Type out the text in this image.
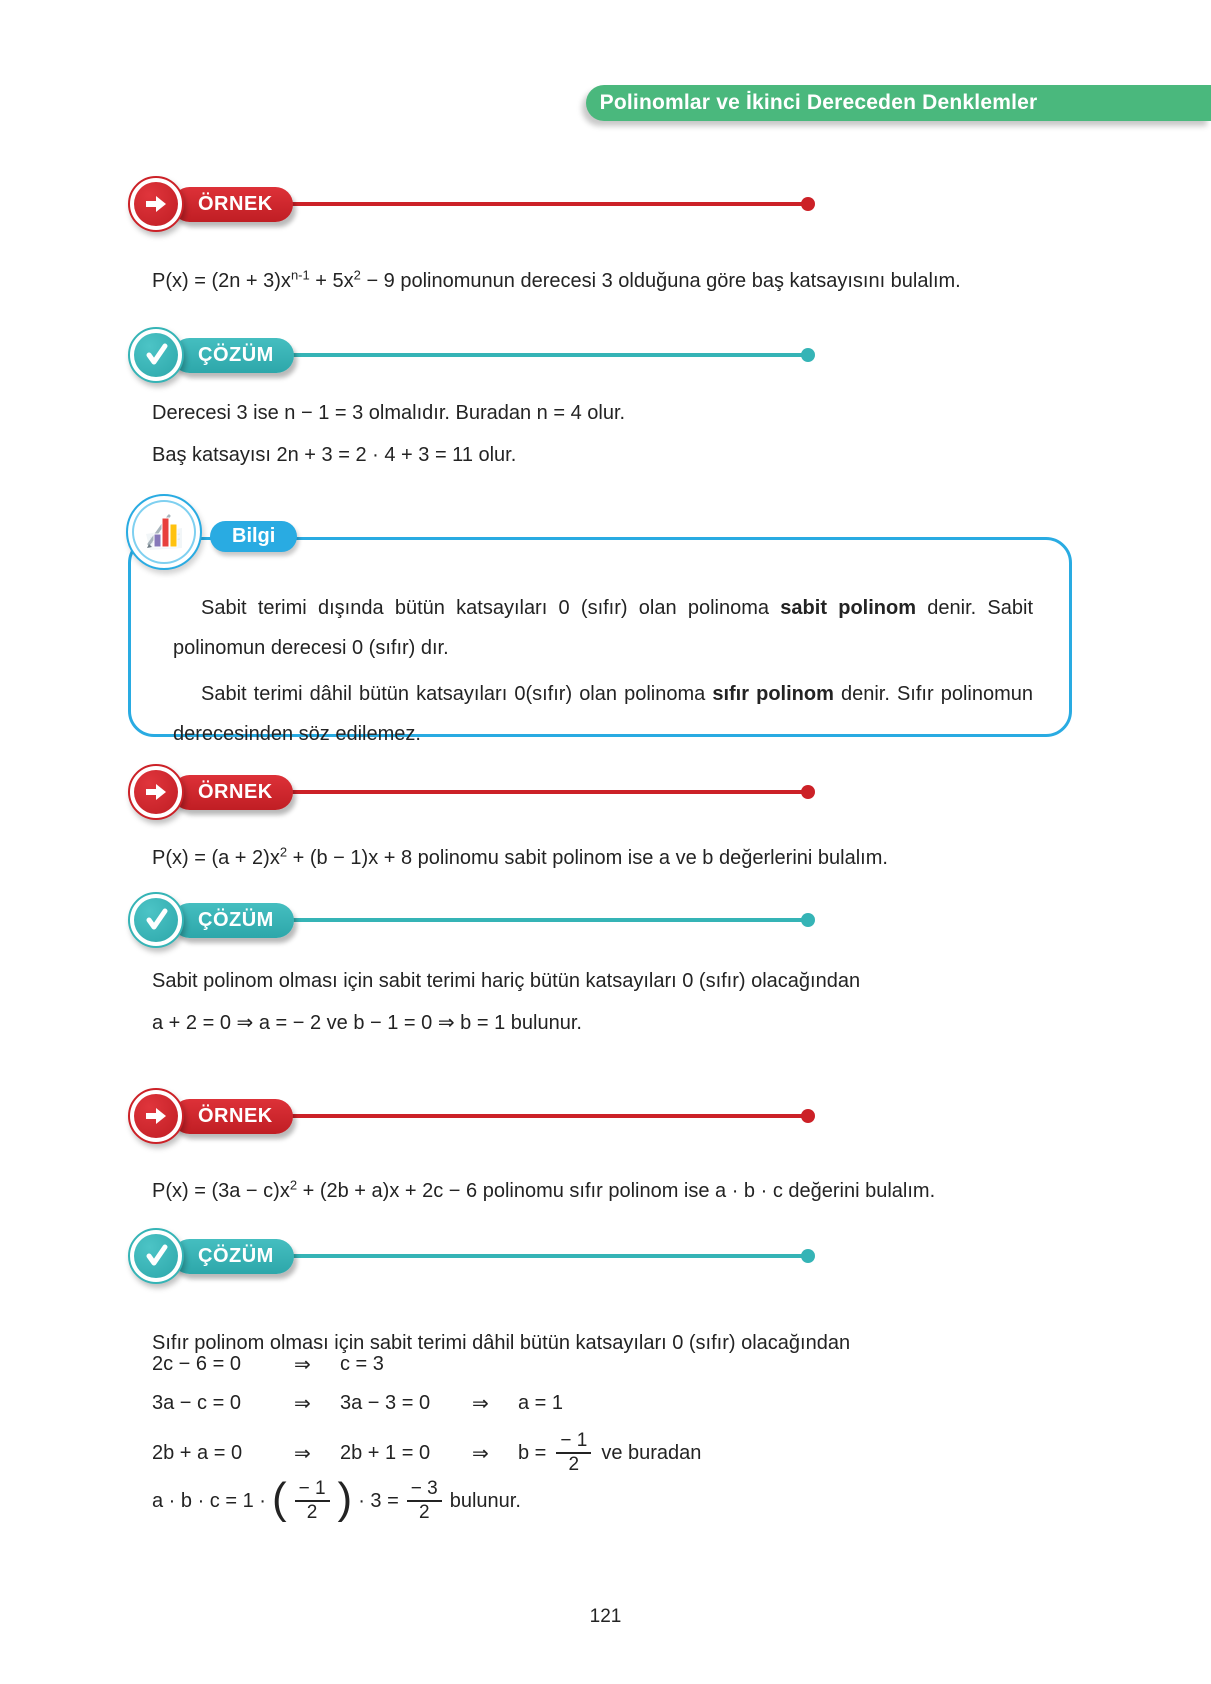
Polinomlar ve İkinci Dereceden Denklemler
ÖRNEK
$P(x) = (2n + 3)x^{n-1} + 5x^2 - 9$ polinomunun derecesi 3 olduğuna göre baş katsayısını bulalım.
ÇÖZÜM
Derecesi 3 ise n − 1 = 3 olmalıdır. Buradan n = 4 olur.
Baş katsayısı 2n + 3 = 2 · 4 + 3 = 11 olur.

Sabit terimi dışında bütün katsayıları 0 (sıfır) olan polinoma sabit polinom denir. Sabit polinomun derecesi 0 (sıfır) dır.

Sabit terimi dâhil bütün katsayıları 0(sıfır) olan polinoma sıfır polinom denir. Sıfır polinomun derecesinden söz edilemez.

Bilgi
ÖRNEK
$P(x) = (a + 2)x^2 + (b - 1)x + 8$ polinomu sabit polinom ise a ve b değerlerini bulalım.
ÇÖZÜM
Sabit polinom olması için sabit terimi hariç bütün katsayıları 0 (sıfır) olacağından
a + 2 = 0 ⇒ a = − 2 ve b − 1 = 0 ⇒ b = 1 bulunur.
ÖRNEK
$P(x) = (3a - c)x^2 + (2b + a)x + 2c - 6$ polinomu sıfır polinom ise a · b · c değerini bulalım.
ÇÖZÜM
Sıfır polinom olması için sabit terimi dâhil bütün katsayıları 0 (sıfır) olacağından
2c − 6 = 0	⇒	c = 3
3a − c = 0	⇒	3a − 3 = 0	⇒	a = 1
2b + a = 0	⇒	2b + 1 = 0	⇒	$b = \frac{- 1}{2}$ ve buradan
a · b · c = 1 · ( $\frac{- 1}{2}$ ) · $3 = \frac{- 3}{2}$ bulunur.
121
